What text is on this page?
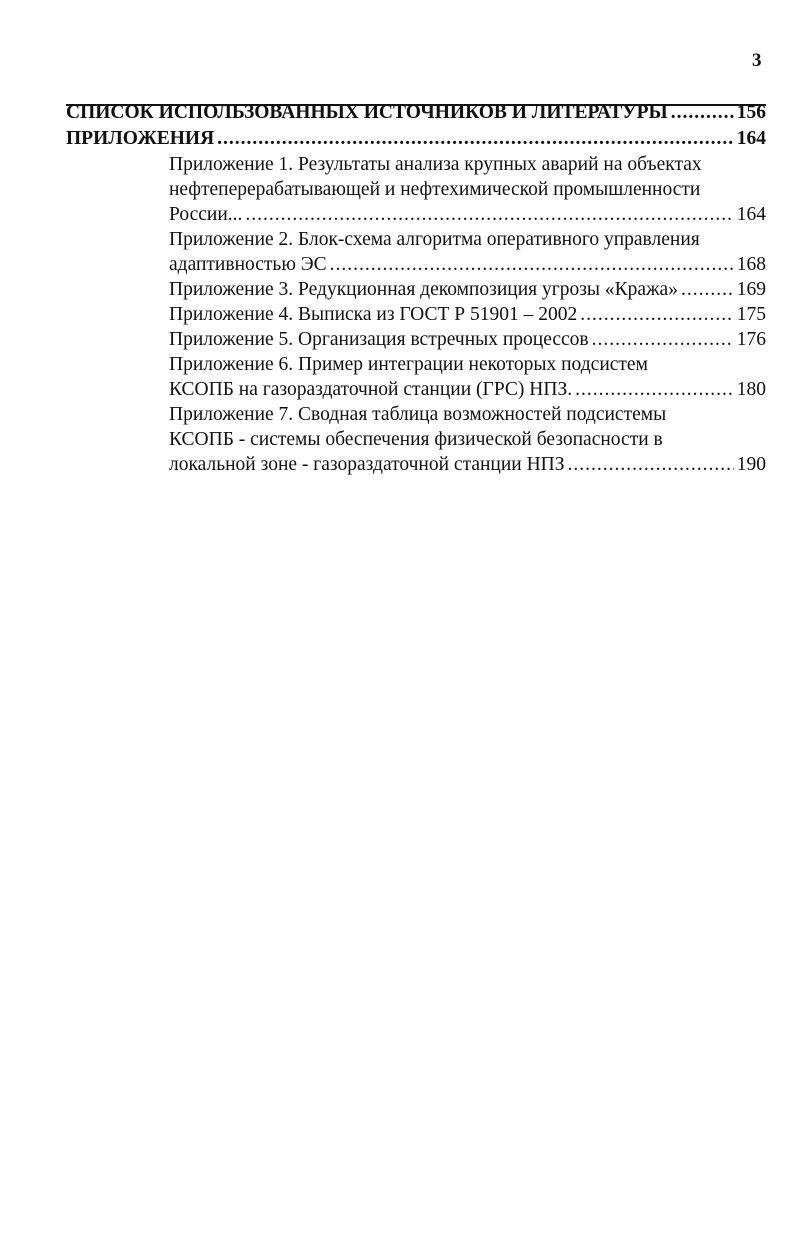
3
СПИСОК ИСПОЛЬЗОВАННЫХ ИСТОЧНИКОВ И ЛИТЕРАТУРЫ .....	156
ПРИЛОЖЕНИЯ .....	164
Приложение 1. Результаты анализа крупных аварий на объектах
нефтеперерабатывающей и нефтехимической промышленности
России... .....	164
Приложение 2. Блок-схема алгоритма оперативного управления
адаптивностью ЭС .....	168
Приложение 3. Редукционная декомпозиция угрозы «Кража» .....	169
Приложение 4. Выписка из ГОСТ Р 51901 – 2002 .....	175
Приложение 5. Организация встречных процессов .....	176
Приложение 6. Пример интеграции некоторых подсистем
КСОПБ на газораздаточной станции (ГРС) НПЗ. .....	180
Приложение 7. Сводная таблица возможностей подсистемы
КСОПБ - системы обеспечения физической безопасности в
локальной зоне - газораздаточной станции НПЗ .....	190
